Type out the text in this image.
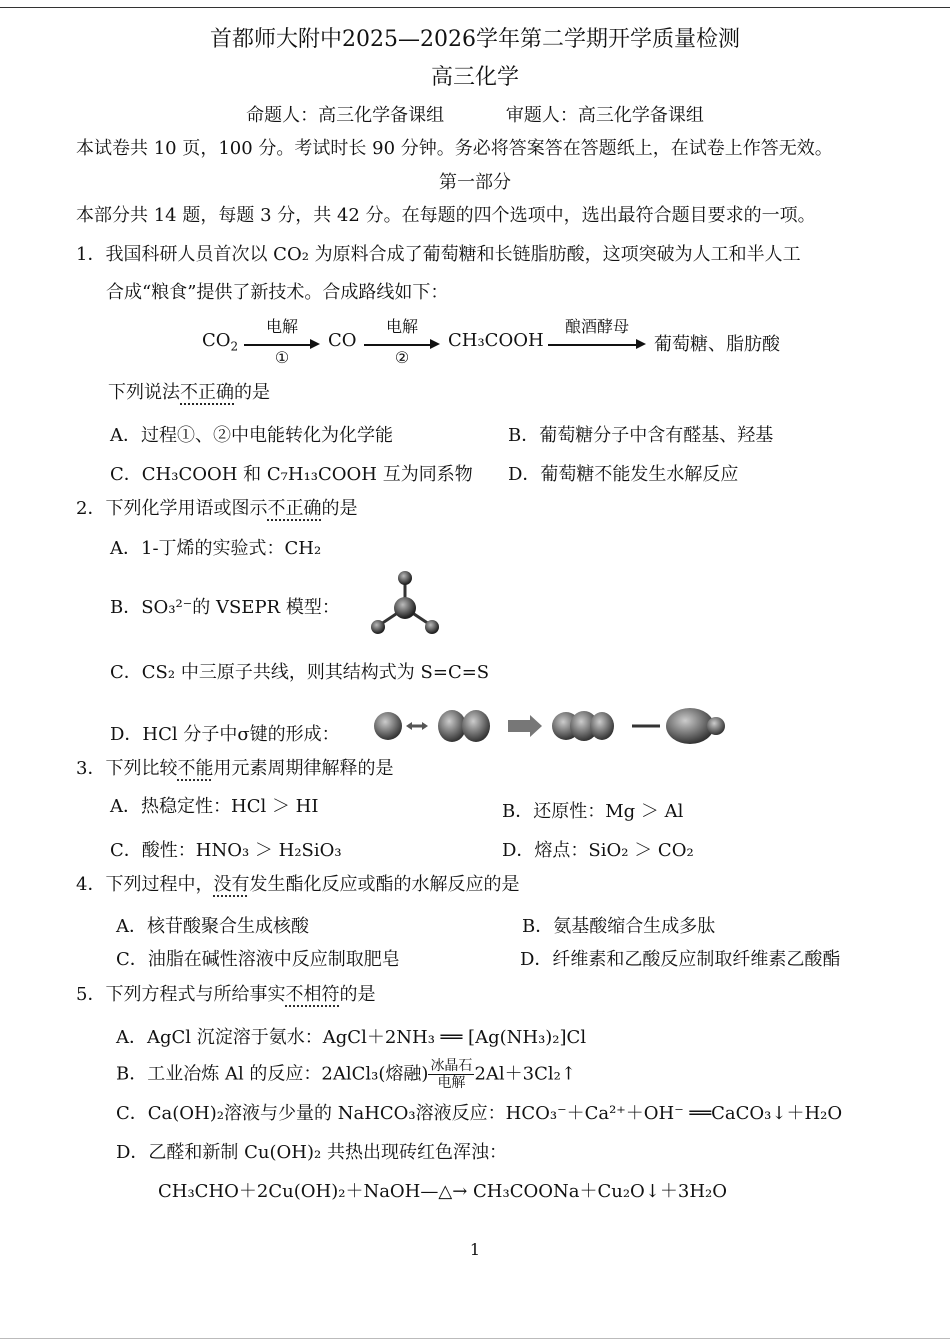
首都师大附中2025—2026学年第二学期开学质量检测
高三化学
命题人：高三化学备课组	审题人：高三化学备课组
本试卷共 10 页，100 分。考试时长 90 分钟。务必将答案答在答题纸上，在试卷上作答无效。
第一部分
本部分共 14 题，每题 3 分，共 42 分。在每题的四个选项中，选出最符合题目要求的一项。
1．我国科研人员首次以 CO₂ 为原料合成了葡萄糖和长链脂肪酸，这项突破为人工和半人工
合成“粮食”提供了新技术。合成路线如下：
$CO_2$
电解
①
CO
电解
②
CH₃COOH
酿酒酵母
葡萄糖、脂肪酸
下列说法不正确的是
A．过程①、②中电能转化为化学能	B．葡萄糖分子中含有醛基、羟基
C．CH₃COOH 和 C₇H₁₃COOH 互为同系物 D．葡萄糖不能发生水解反应
2．下列化学用语或图示不正确的是
A．1-丁烯的实验式：CH₂
B．SO₃²⁻的 VSEPR 模型：
C．CS₂ 中三原子共线，则其结构式为 S=C=S
D．HCl 分子中σ键的形成：
3．下列比较不能用元素周期律解释的是
A．热稳定性：HCl ＞ HI	B．还原性：Mg ＞ Al
C．酸性：HNO₃ ＞ H₂SiO₃	D．熔点：SiO₂ ＞ CO₂
4．下列过程中，没有发生酯化反应或酯的水解反应的是
A．核苷酸聚合生成核酸	B．氨基酸缩合生成多肽
C．油脂在碱性溶液中反应制取肥皂	D．纤维素和乙酸反应制取纤维素乙酸酯
5．下列方程式与所给事实不相符的是
A．AgCl 沉淀溶于氨水：AgCl＋2NH₃ ══ [Ag(NH₃)₂]Cl
B．工业冶炼 Al 的反应：2AlCl₃(熔融) $\frac{\text{冰晶石}}{\text{电解}}$ 2Al＋3Cl₂↑
C．Ca(OH)₂溶液与少量的 NaHCO₃溶液反应：HCO₃⁻＋Ca²⁺＋OH⁻ ══CaCO₃↓＋H₂O
D．乙醛和新制 Cu(OH)₂ 共热出现砖红色浑浊：
CH₃CHO＋2Cu(OH)₂＋NaOH—△→ CH₃COONa＋Cu₂O↓＋3H₂O
1
